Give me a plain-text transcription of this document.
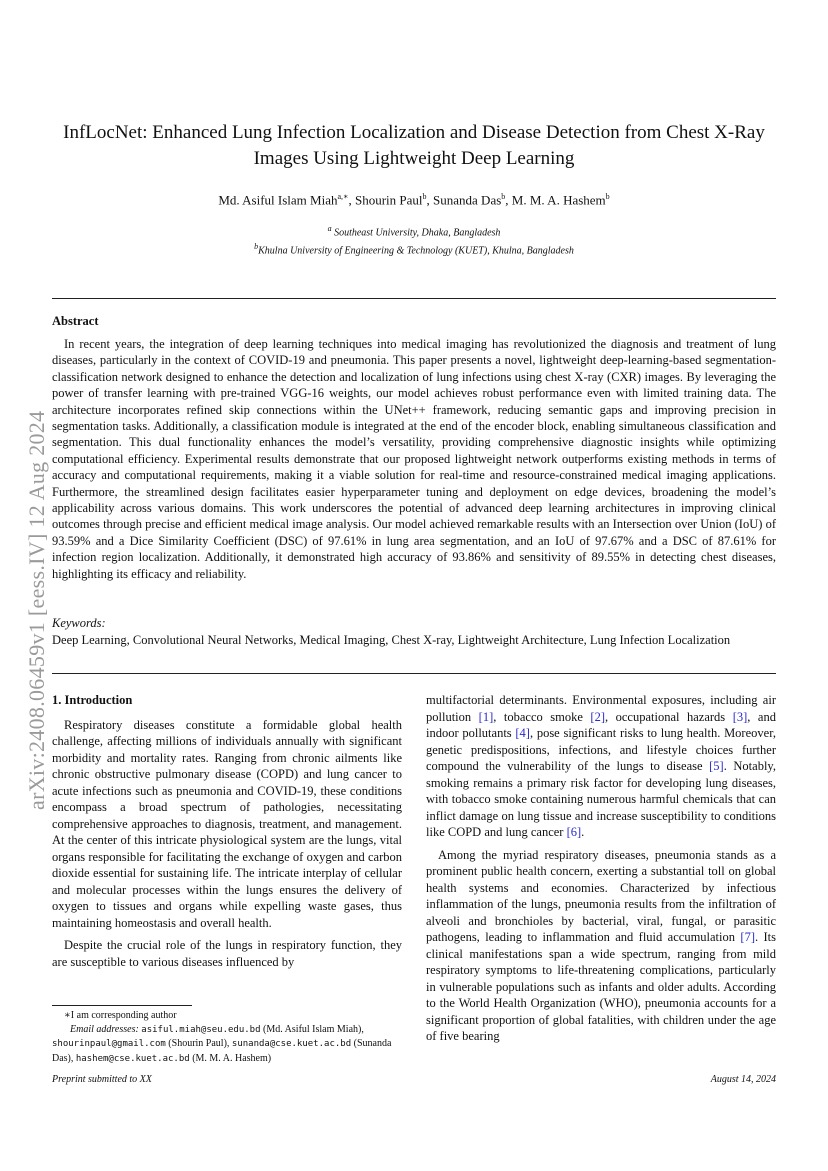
arXiv:2408.06459v1 [eess.IV] 12 Aug 2024
InfLocNet: Enhanced Lung Infection Localization and Disease Detection from Chest X-Ray Images Using Lightweight Deep Learning
Md. Asiful Islam Miah$^{a,∗}$, Shourin Paul$^b$, Sunanda Das$^b$, M. M. A. Hashem$^b$
$^a$ Southeast University, Dhaka, Bangladesh
$^b$Khulna University of Engineering & Technology (KUET), Khulna, Bangladesh
Abstract
In recent years, the integration of deep learning techniques into medical imaging has revolutionized the diagnosis and treatment of lung diseases, particularly in the context of COVID-19 and pneumonia. This paper presents a novel, lightweight deep-learning-based segmentation-classification network designed to enhance the detection and localization of lung infections using chest X-ray (CXR) images. By leveraging the power of transfer learning with pre-trained VGG-16 weights, our model achieves robust performance even with limited training data. The architecture incorporates refined skip connections within the UNet++ framework, reducing semantic gaps and improving precision in segmentation tasks. Additionally, a classification module is integrated at the end of the encoder block, enabling simultaneous classification and segmentation. This dual functionality enhances the model’s versatility, providing comprehensive diagnostic insights while optimizing computational efficiency. Experimental results demonstrate that our proposed lightweight network outperforms existing methods in terms of accuracy and computational requirements, making it a viable solution for real-time and resource-constrained medical imaging applications. Furthermore, the streamlined design facilitates easier hyperparameter tuning and deployment on edge devices, broadening the model’s applicability across various domains. This work underscores the potential of advanced deep learning architectures in improving clinical outcomes through precise and efficient medical image analysis. Our model achieved remarkable results with an Intersection over Union (IoU) of 93.59% and a Dice Similarity Coefficient (DSC) of 97.61% in lung area segmentation, and an IoU of 97.67% and a DSC of 87.61% for infection region localization. Additionally, it demonstrated high accuracy of 93.86% and sensitivity of 89.55% in detecting chest diseases, highlighting its efficacy and reliability.
Keywords:
Deep Learning, Convolutional Neural Networks, Medical Imaging, Chest X-ray, Lightweight Architecture, Lung Infection Localization
1. Introduction

Respiratory diseases constitute a formidable global health challenge, affecting millions of individuals annually with significant morbidity and mortality rates. Ranging from chronic ailments like chronic obstructive pulmonary disease (COPD) and lung cancer to acute infections such as pneumonia and COVID-19, these conditions encompass a broad spectrum of pathologies, necessitating comprehensive approaches to diagnosis, treatment, and management. At the center of this intricate physiological system are the lungs, vital organs responsible for facilitating the exchange of oxygen and carbon dioxide essential for sustaining life. The intricate interplay of cellular and molecular processes within the lungs ensures the delivery of oxygen to tissues and organs while expelling waste gases, thus maintaining homeostasis and overall health.

Despite the crucial role of the lungs in respiratory function, they are susceptible to various diseases influenced by

multifactorial determinants. Environmental exposures, including air pollution [1], tobacco smoke [2], occupational hazards [3], and indoor pollutants [4], pose significant risks to lung health. Moreover, genetic predispositions, infections, and lifestyle choices further compound the vulnerability of the lungs to disease [5]. Notably, smoking remains a primary risk factor for developing lung diseases, with tobacco smoke containing numerous harmful chemicals that can inflict damage on lung tissue and increase susceptibility to conditions like COPD and lung cancer [6].

Among the myriad respiratory diseases, pneumonia stands as a prominent public health concern, exerting a substantial toll on global health systems and economies. Characterized by infectious inflammation of the lungs, pneumonia results from the infiltration of alveoli and bronchioles by bacterial, viral, fungal, or parasitic pathogens, leading to inflammation and fluid accumulation [7]. Its clinical manifestations span a wide spectrum, ranging from mild respiratory symptoms to life-threatening complications, particularly in vulnerable populations such as infants and older adults. According to the World Health Organization (WHO), pneumonia accounts for a significant proportion of global fatalities, with children under the age of five bearing

∗I am corresponding author
Email addresses: asiful.miah@seu.edu.bd (Md. Asiful Islam Miah), shourinpaul@gmail.com (Shourin Paul), sunanda@cse.kuet.ac.bd (Sunanda Das), hashem@cse.kuet.ac.bd (M. M. A. Hashem)
Preprint submitted to XX	August 14, 2024
